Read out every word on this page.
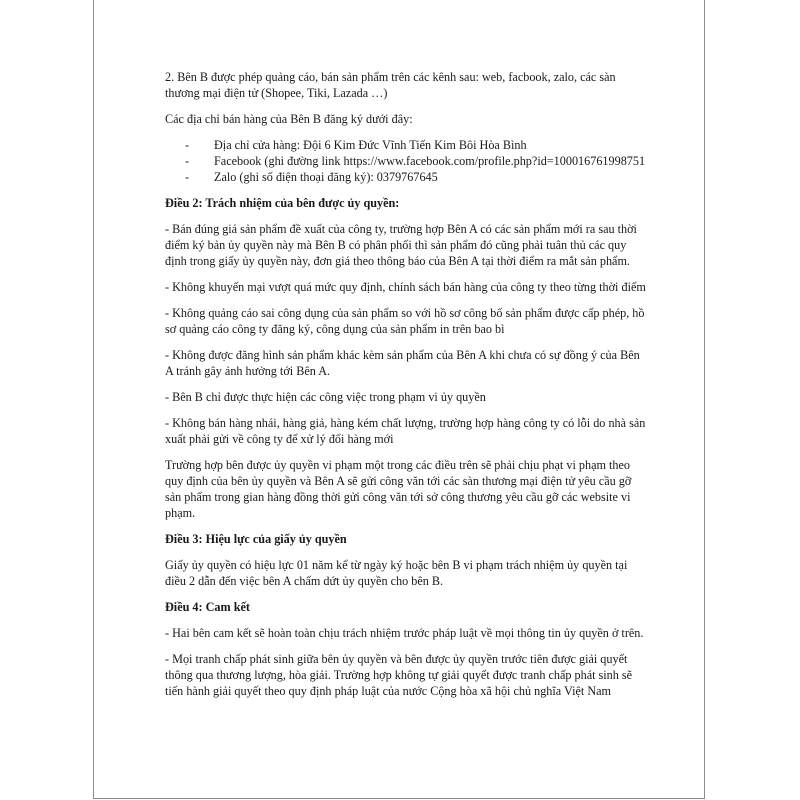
2. Bên B được phép quảng cáo, bán sản phẩm trên các kênh sau: web, facbook, zalo, các sàn thương mại điện tử (Shopee, Tiki, Lazada …)

Các địa chỉ bán hàng của Bên B đăng ký dưới đây:

- Địa chỉ cửa hàng: Đội 6 Kim Đức Vĩnh Tiến Kim Bôi Hòa Bình
- Facebook (ghi đường link https://www.facebook.com/profile.php?id=100016761998751
- Zalo (ghi số điện thoại đăng ký): 0379767645

Điều 2: Trách nhiệm của bên được ủy quyền:

- Bán đúng giá sản phẩm đề xuất của công ty, trường hợp Bên A có các sản phẩm mới ra sau thời điểm ký bản ủy quyền này mà Bên B có phân phối thì sản phẩm đó cũng phải tuân thủ các quy định trong giấy ủy quyền này, đơn giá theo thông báo của Bên A tại thời điểm ra mắt sản phẩm.

- Không khuyến mại vượt quá mức quy định, chính sách bán hàng của công ty theo từng thời điểm

- Không quảng cáo sai công dụng của sản phẩm so với hồ sơ công bố sản phẩm được cấp phép, hồ sơ quảng cáo công ty đăng ký, công dụng của sản phẩm in trên bao bì

- Không được đăng hình sản phẩm khác kèm sản phẩm của Bên A khi chưa có sự đồng ý của Bên A tránh gây ảnh hưởng tới Bên A.

- Bên B chỉ được thực hiện các công việc trong phạm vi ủy quyền

- Không bán hàng nhái, hàng giả, hàng kém chất lượng, trường hợp hàng công ty có lỗi do nhà sản xuất phải gửi về công ty để xử lý đổi hàng mới

Trường hợp bên được ủy quyền vi phạm một trong các điều trên sẽ phải chịu phạt vi phạm theo quy định của bên ủy quyền và Bên A sẽ gửi công văn tới các sàn thương mại điện tử yêu cầu gỡ sản phẩm trong gian hàng đồng thời gửi công văn tới sở công thương yêu cầu gỡ các website vi phạm.

Điều 3: Hiệu lực của giấy ủy quyền

Giấy ủy quyền có hiệu lực 01 năm kể từ ngày ký hoặc bên B vi phạm trách nhiệm ủy quyền tại điều 2 dẫn đến việc bên A chấm dứt ủy quyền cho bên B.

Điều 4: Cam kết

- Hai bên cam kết sẽ hoàn toàn chịu trách nhiệm trước pháp luật về mọi thông tin ủy quyền ở trên.

- Mọi tranh chấp phát sinh giữa bên ủy quyền và bên được ủy quyền trước tiên được giải quyết thông qua thương lượng, hòa giải. Trường hợp không tự giải quyết được tranh chấp phát sinh sẽ tiến hành giải quyết theo quy định pháp luật của nước Cộng hòa xã hội chủ nghĩa Việt Nam
